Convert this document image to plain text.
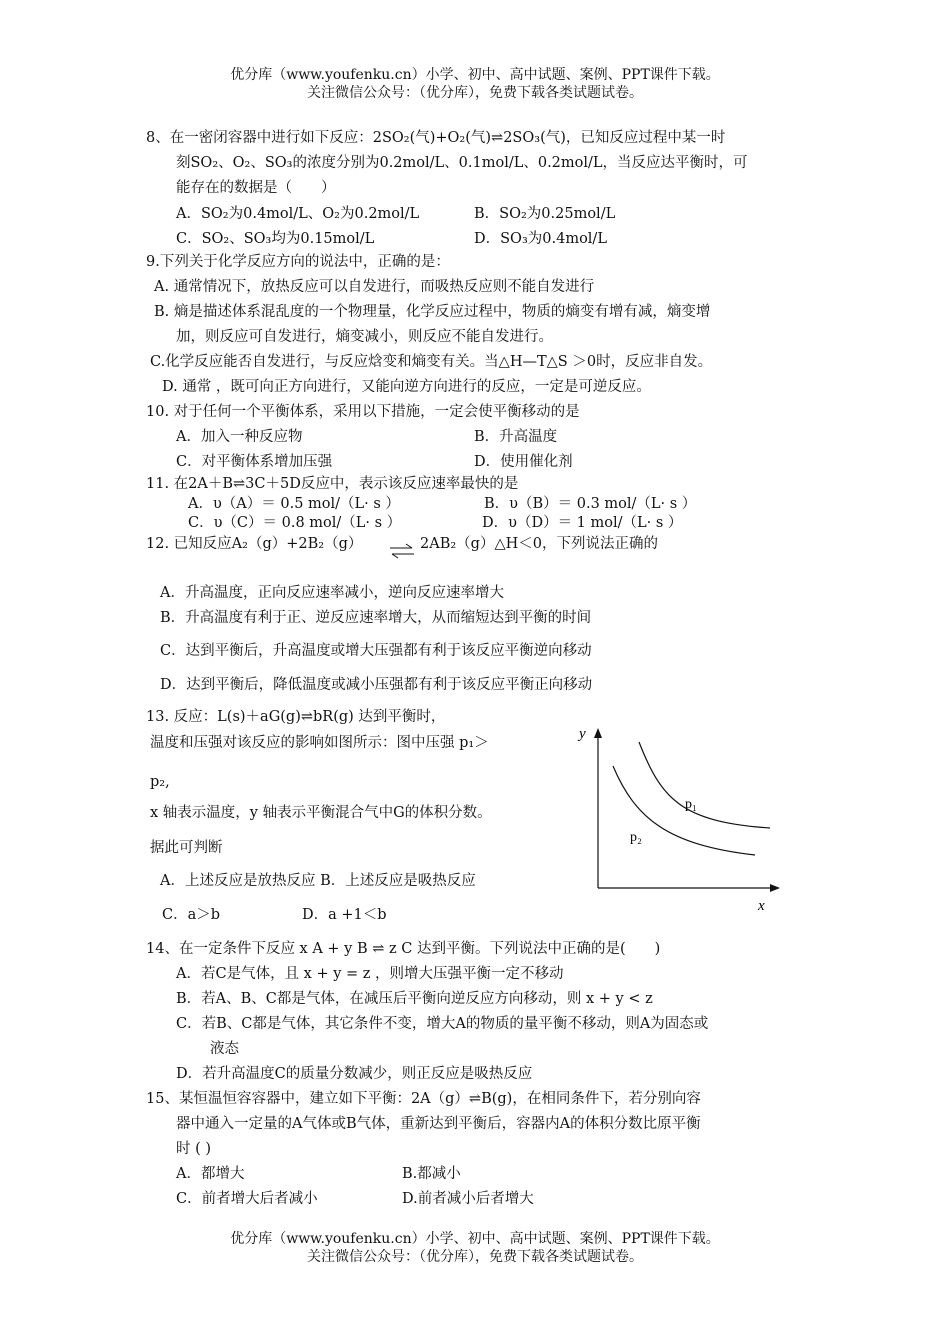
优分库（www.youfenku.cn）小学、初中、高中试题、案例、PPT课件下载。
关注微信公众号：（优分库），免费下载各类试题试卷。
8、在一密闭容器中进行如下反应：2SO₂(气)+O₂(气)⇌2SO₃(气)，已知反应过程中某一时
刻SO₂、O₂、SO₃的浓度分别为0.2mol/L、0.1mol/L、0.2mol/L，当反应达平衡时，可
能存在的数据是（　　）
A．SO₂为0.4mol/L、O₂为0.2mol/L	B．SO₂为0.25mol/L
C．SO₂、SO₃均为0.15mol/L	D．SO₃为0.4mol/L
9.下列关于化学反应方向的说法中，正确的是：
A. 通常情况下，放热反应可以自发进行，而吸热反应则不能自发进行
B. 熵是描述体系混乱度的一个物理量，化学反应过程中，物质的熵变有增有减，熵变增
加，则反应可自发进行，熵变减小，则反应不能自发进行。
C.化学反应能否自发进行，与反应焓变和熵变有关。当△H—T△S ＞0时，反应非自发。
D. 通常 ，既可向正方向进行，又能向逆方向进行的反应，一定是可逆反应。
10. 对于任何一个平衡体系，采用以下措施，一定会使平衡移动的是
A．加入一种反应物	B．升高温度
C．对平衡体系增加压强	D．使用催化剂
11. 在2A＋B⇌3C＋5D反应中，表示该反应速率最快的是
A．υ（A）＝ 0.5 mol/（L· s ）	B．υ（B）＝ 0.3 mol/（L· s ）
C．υ（C）＝ 0.8 mol/（L· s ）	D．υ（D）＝ 1 mol/（L· s ）
12. 已知反应A₂（g）+2B₂（g） ⇌ 2AB₂（g）△H＜0，下列说法正确的
A．升高温度，正向反应速率减小，逆向反应速率增大
B．升高温度有利于正、逆反应速率增大，从而缩短达到平衡的时间
C．达到平衡后，升高温度或增大压强都有利于该反应平衡逆向移动
D．达到平衡后，降低温度或减小压强都有利于该反应平衡正向移动
13. 反应：L(s)＋aG(g)⇌bR(g) 达到平衡时，
温度和压强对该反应的影响如图所示：图中压强 p₁＞
p₂,
x 轴表示温度，y 轴表示平衡混合气中G的体积分数。
据此可判断
A．上述反应是放热反应 B．上述反应是吸热反应
C．a＞b	D．a +1＜b
y
x
p₁
p₂
14、在一定条件下反应 x A + y B ⇌ z C 达到平衡。下列说法中正确的是(　　)
A．若C是气体，且 x + y = z ，则增大压强平衡一定不移动
B．若A、B、C都是气体，在减压后平衡向逆反应方向移动，则 x + y < z
C．若B、C都是气体，其它条件不变，增大A的物质的量平衡不移动，则A为固态或
液态
D．若升高温度C的质量分数减少，则正反应是吸热反应
15、某恒温恒容容器中，建立如下平衡：2A（g）⇌B(g)，在相同条件下，若分别向容
器中通入一定量的A气体或B气体，重新达到平衡后，容器内A的体积分数比原平衡
时 ( )
A．都增大	B.都减小
C．前者增大后者减小	D.前者减小后者增大
优分库（www.youfenku.cn）小学、初中、高中试题、案例、PPT课件下载。
关注微信公众号：（优分库），免费下载各类试题试卷。
